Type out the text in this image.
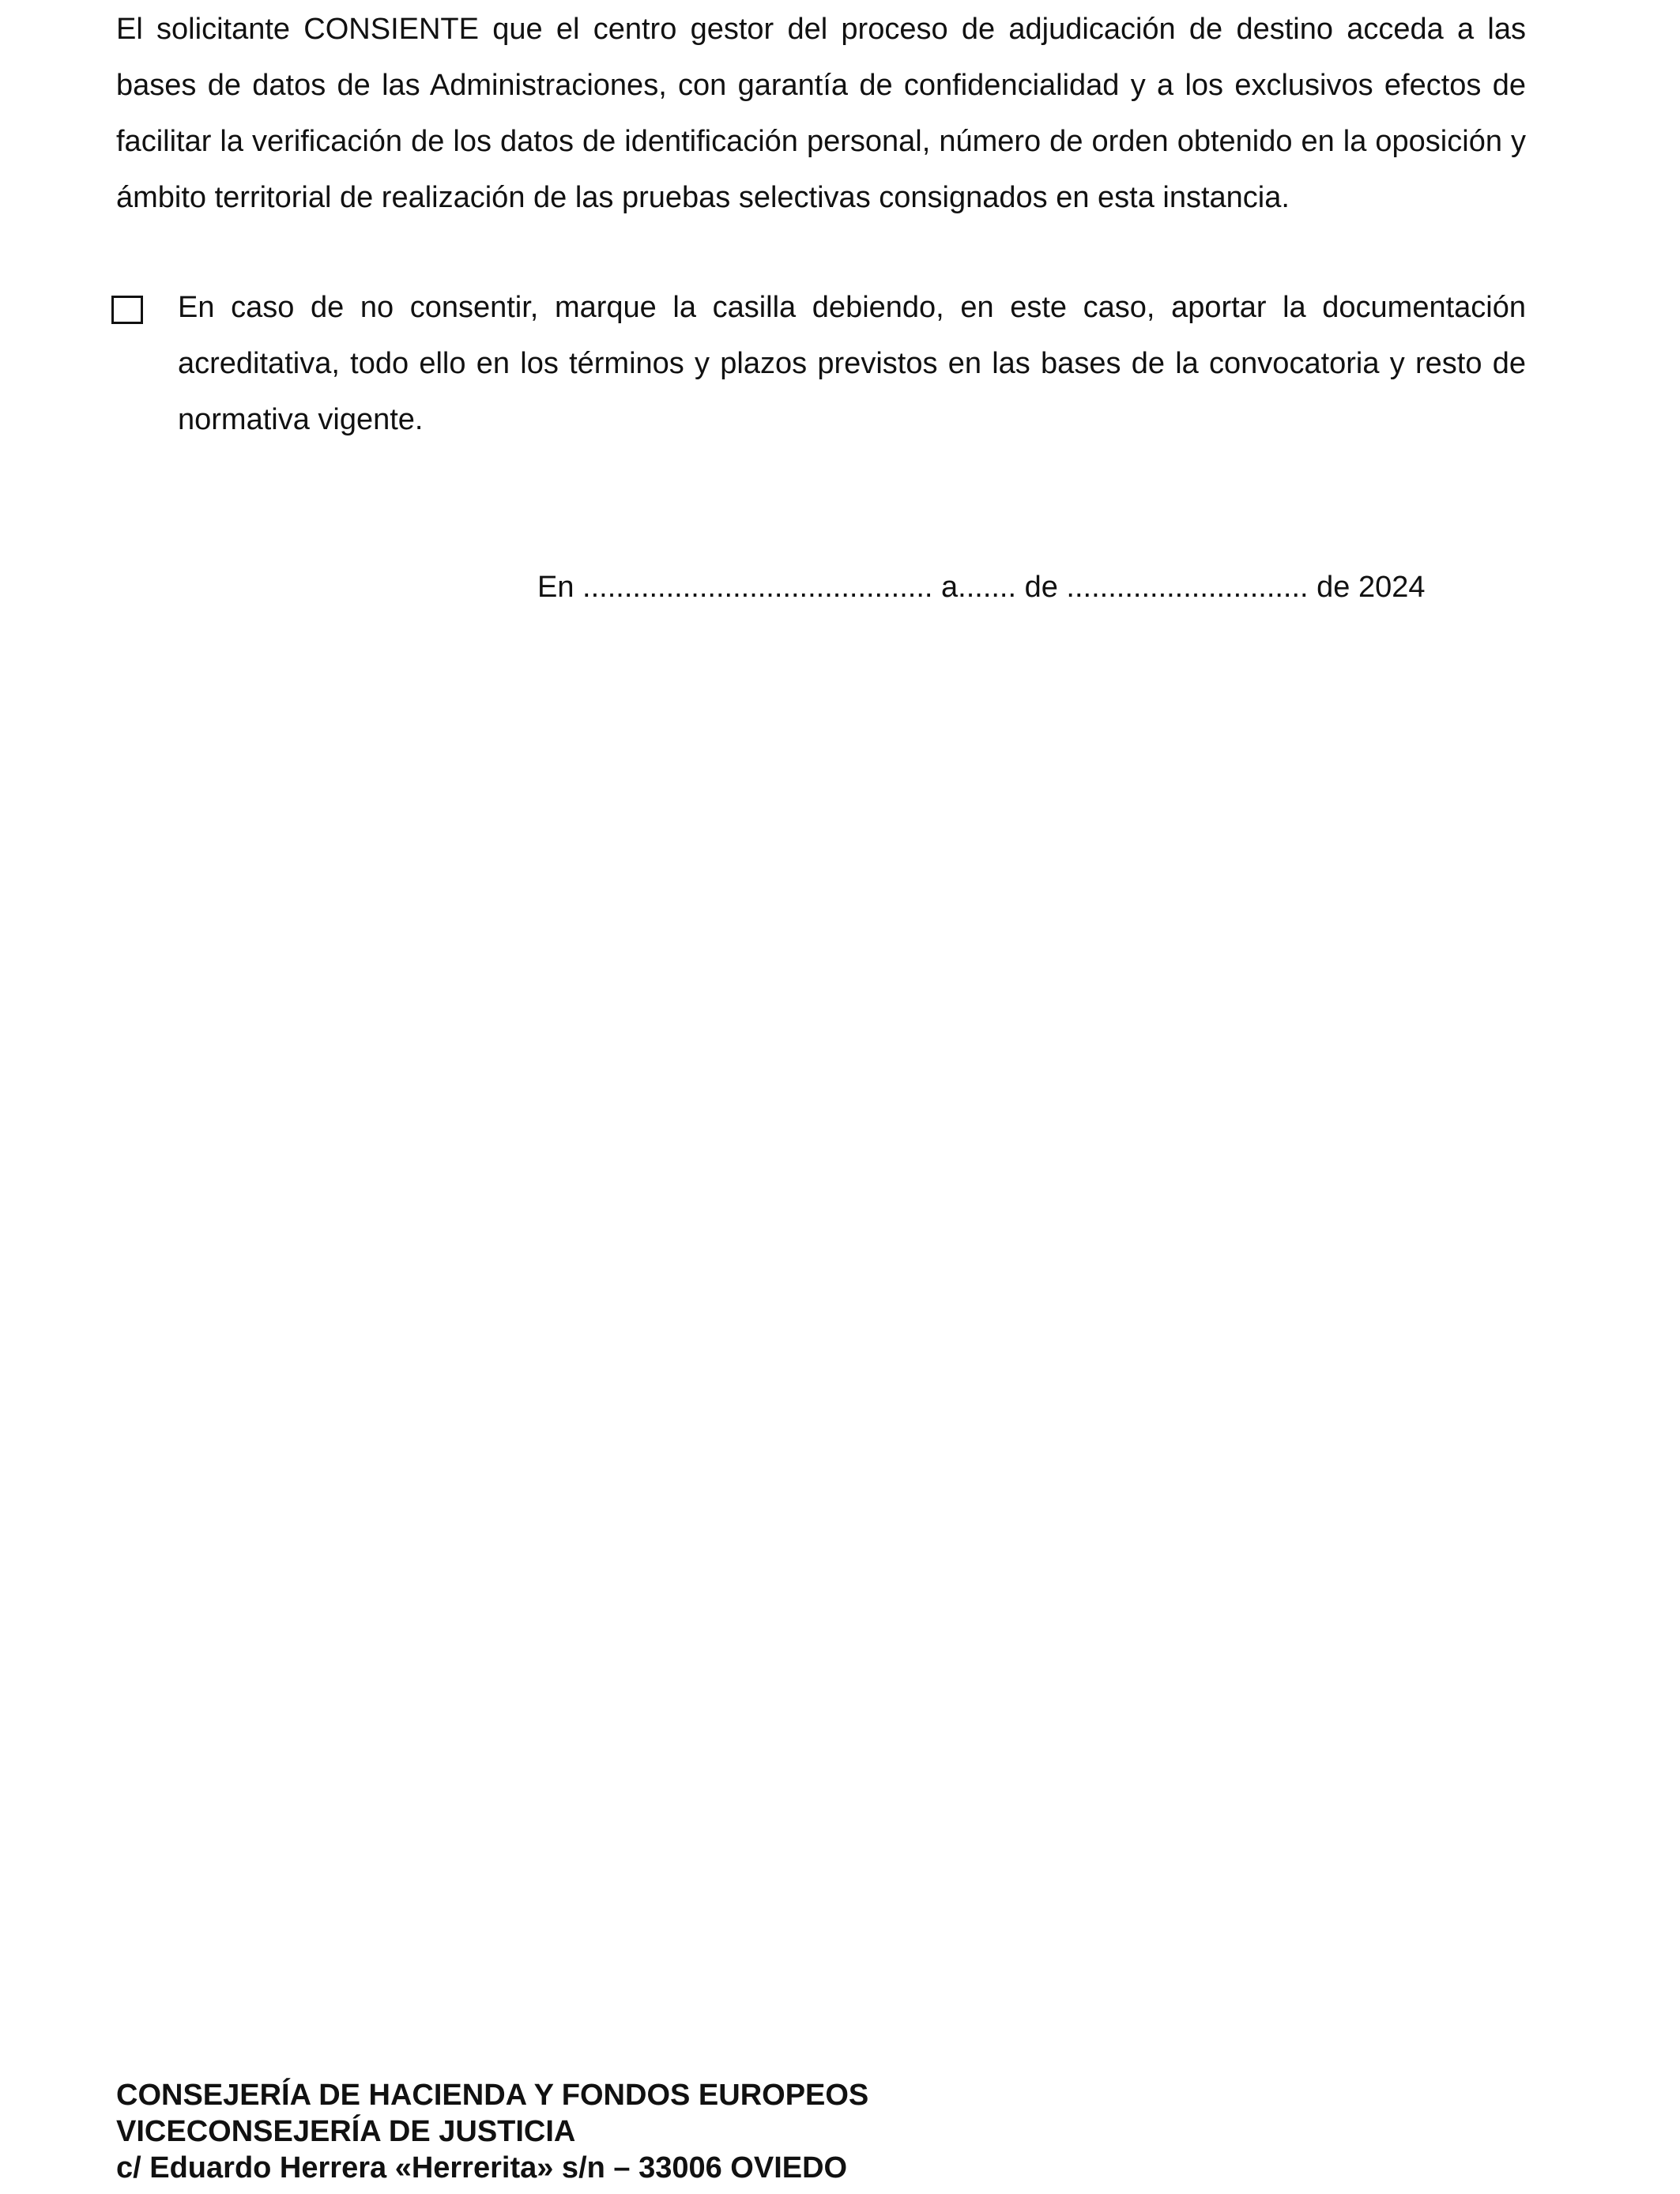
El solicitante CONSIENTE que el centro gestor del proceso de adjudicación de destino acceda a las bases de datos de las Administraciones, con garantía de confidencialidad y a los exclusivos efectos de facilitar la verificación de los datos de identificación personal, número de orden obtenido en la oposición y ámbito territorial de realización de las pruebas selectivas consignados en esta instancia.

En caso de no consentir, marque la casilla debiendo, en este caso, aportar la documentación acreditativa, todo ello en los términos y plazos previstos en las bases de la convocatoria y resto de normativa vigente.

En .......................................... a....... de ............................. de 2024

CONSEJERÍA DE HACIENDA Y FONDOS EUROPEOS
VICECONSEJERÍA DE JUSTICIA
c/ Eduardo Herrera «Herrerita» s/n – 33006 OVIEDO
